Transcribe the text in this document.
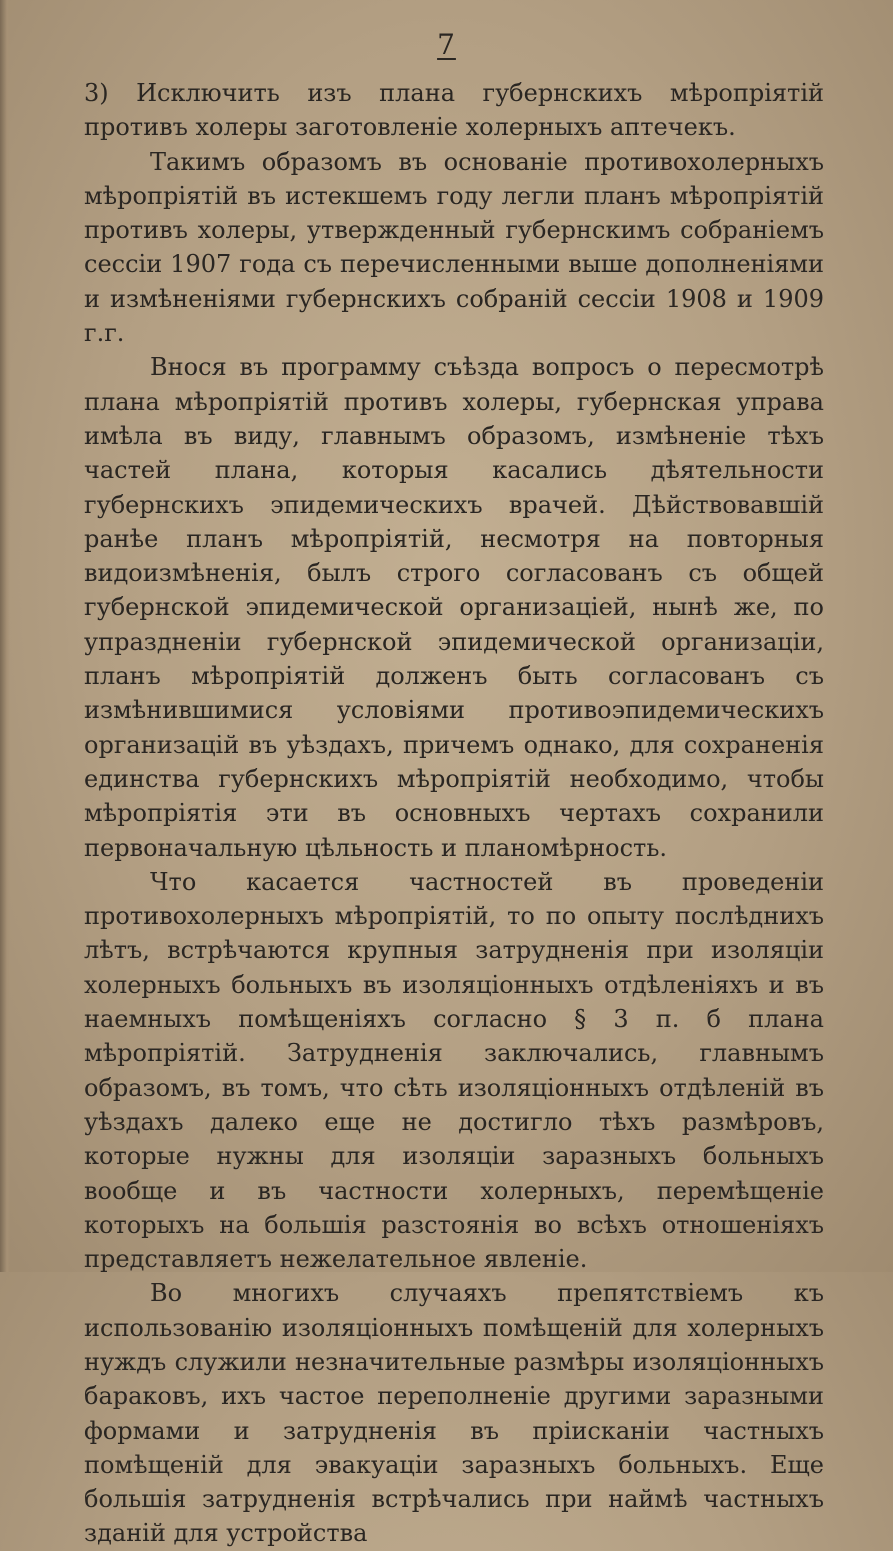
7

3) Исключить изъ плана губернскихъ мѣропріятій противъ холеры заготовленіе холерныхъ аптечекъ.

Такимъ образомъ въ основаніе противохолерныхъ мѣропріятій въ истекшемъ году легли планъ мѣропріятій противъ холеры, утвержденный губернскимъ собраніемъ сессіи 1907 года съ перечисленными выше дополненіями и измѣненіями губернскихъ собраній сессіи 1908 и 1909 г.г.

Внося въ программу съѣзда вопросъ о пересмотрѣ плана мѣропріятій противъ холеры, губернская управа имѣла въ виду, главнымъ образомъ, измѣненіе тѣхъ частей плана, которыя касались дѣятельности губернскихъ эпидемическихъ врачей. Дѣйствовавшій ранѣе планъ мѣропріятій, несмотря на повторныя видоизмѣненія, былъ строго согласованъ съ общей губернской эпидемической организацiей, нынѣ же, по упраздненіи губернской эпидемической организаціи, планъ мѣропріятій долженъ быть согласованъ съ измѣнившимися условіями противоэпидемическихъ организацій въ уѣздахъ, причемъ однако, для сохраненія единства губернскихъ мѣропріятій необходимо, чтобы мѣропріятія эти въ основныхъ чертахъ сохранили первоначальную цѣльность и планомѣрность.

Что касается частностей въ проведеніи противохолерныхъ мѣропріятій, то по опыту послѣднихъ лѣтъ, встрѣчаются крупныя затрудненія при изоляціи холерныхъ больныхъ въ изоляціонныхъ отдѣленіяхъ и въ наемныхъ помѣщеніяхъ согласно § 3 п. б плана мѣропріятій. Затрудненія заключались, главнымъ образомъ, въ томъ, что сѣть изоляціонныхъ отдѣленій въ уѣздахъ далеко еще не достигло тѣхъ размѣровъ, которые нужны для изоляціи заразныхъ больныхъ вообще и въ частности холерныхъ, перемѣщеніе которыхъ на большія разстоянія во всѣхъ отношеніяхъ представляетъ нежелательное явленіе.

Во многихъ случаяхъ препятствіемъ къ использованію изоляціонныхъ помѣщеній для холерныхъ нуждъ служили незначительные размѣры изоляціонныхъ бараковъ, ихъ частое переполненіе другими заразными формами и затрудненія въ прiисканіи частныхъ помѣщеній для эвакуаціи заразныхъ больныхъ. Еще большія затрудненія встрѣчались при наймѣ частныхъ зданій для устройства
